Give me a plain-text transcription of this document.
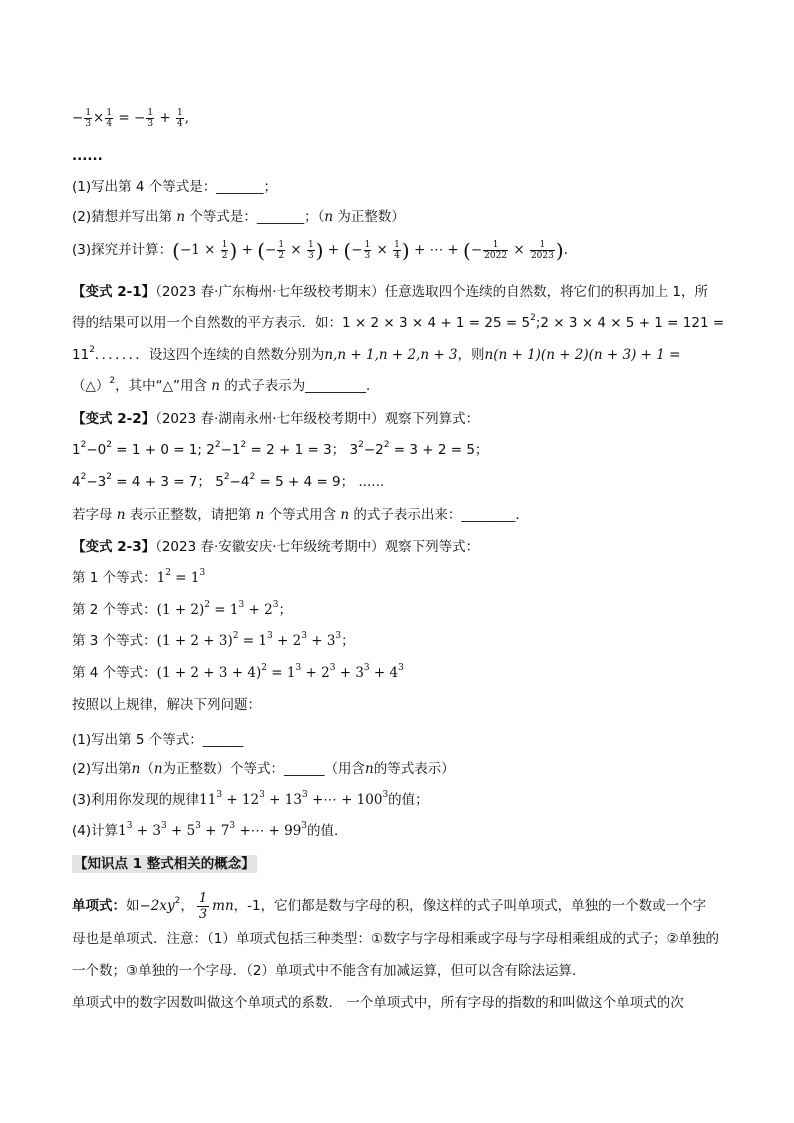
− $\frac{1}{3} \times \frac{1}{4}$ = − $\frac{1}{3} + \frac{1}{4}$ ,
......
(1)写出第 4 个等式是：_______；
(2)猜想并写出第 n 个等式是：_______；（n 为正整数）
(3)探究并计算：($-1 \times \frac{1}{2}$ ) + (− $\frac{1}{2} \times \frac{1}{3}$ ) + (− $\frac{1}{3} \times \frac{1}{4}$ ) + ⋯ + (− $\frac{1}{2022} \times \frac{1}{2023}$ ).
【变式 2-1】（2023 春·广东梅州·七年级校考期末）任意选取四个连续的自然数，将它们的积再加上 1，所
得的结果可以用一个自然数的平方表示．如：$1 \times 2 \times 3 \times 4 + 1 = 25 = 5^2;2 \times 3 \times 4 \times 5 + 1 = 121$ =
$11^2$．．．．．．．设这四个连续的自然数分别为n,n + 1,n + 2,n + 3，则n(n + 1)(n + 2)(n + 3) + 1 =
（△）$^2$，其中“△”用含 n 的式子表示为_________．
【变式 2-2】（2023 春·湖南永州·七年级校考期中）观察下列算式：
$1^2-0^2 = 1 + 0 = 1$; $2^2-1^2 = 2 + 1 = 3$； $3^2-2^2 = 3 + 2 = 5$；
$4^2-3^2 = 4 + 3 = 7$； $5^2-4^2 = 5 + 4 = 9$； ......
若字母 n 表示正整数，请把第 n 个等式用含 n 的式子表示出来：________．
【变式 2-3】（2023 春·安徽安庆·七年级统考期中）观察下列等式：
第 1 个等式：$1^2 = 1^3$
第 2 个等式：$(1 + 2)^2 = 1^3 + 2^3$；
第 3 个等式：$(1 + 2 + 3)^2 = 1^3 + 2^3 + 3^3$；
第 4 个等式：$(1 + 2 + 3 + 4)^2 = 1^3 + 2^3 + 3^3 + 4^3$
按照以上规律，解决下列问题：
(1)写出第 5 个等式：______
(2)写出第n（n为正整数）个等式：______（用含n的等式表示）
(3)利用你发现的规律$11^3 + 12^3 + 13^3$ +⋯ + $100^3$的值；
(4)计算$1^3 + 3^3 + 5^3 + 7^3$ +⋯ + $99^3$的值．
【知识点 1 整式相关的概念】
单项式：如$-2xy^2$， $\frac{1}{3}$ mn，-1，它们都是数与字母的积，像这样的式子叫单项式，单独的一个数或一个字
母也是单项式．注意：（1）单项式包括三种类型：①数字与字母相乘或字母与字母相乘组成的式子；②单独的
一个数；③单独的一个字母．（2）单项式中不能含有加减运算，但可以含有除法运算．
单项式中的数字因数叫做这个单项式的系数． 一个单项式中，所有字母的指数的和叫做这个单项式的次
